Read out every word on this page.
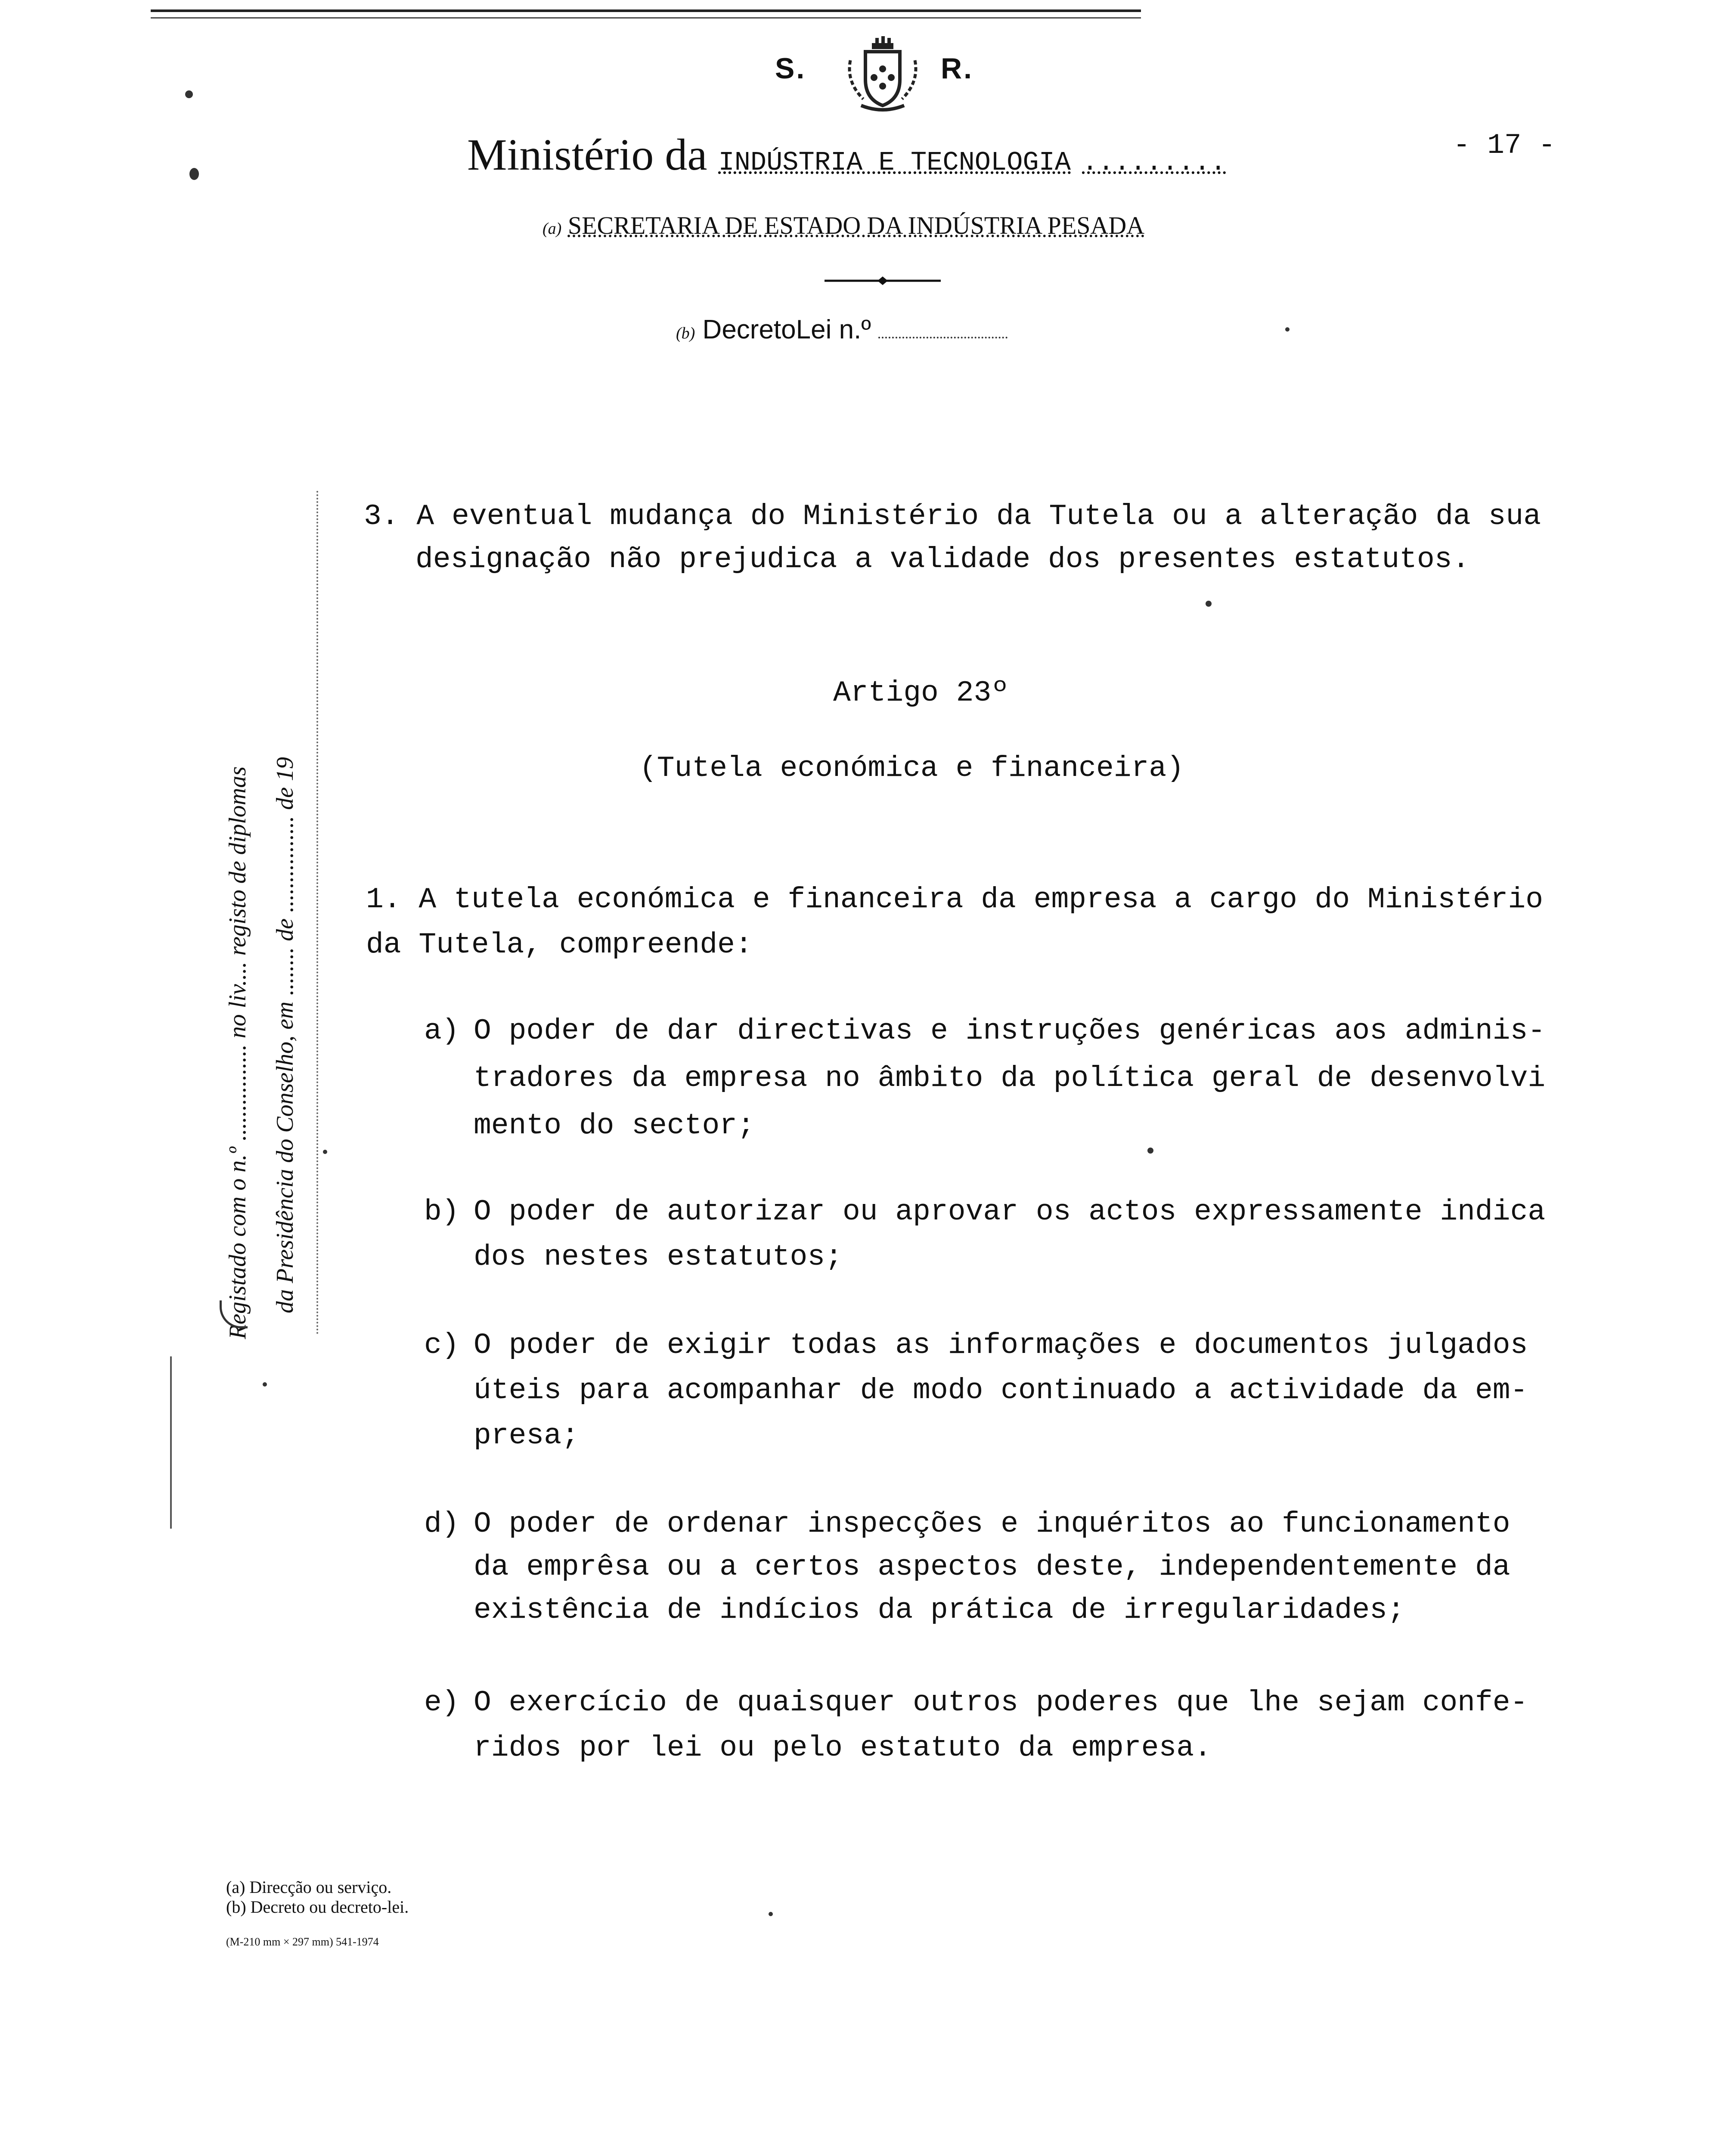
S.	R.
Ministério da INDÚSTRIA E TECNOLOGIA .........
- 17 -
(a) SECRETARIA DE ESTADO DA INDÚSTRIA PESADA
(b) DecretoLei n.º
Registado com o n.º ................ no liv.... registo de diplomas da Presidência do Conselho, em ........ de ................ de 19
3. A eventual mudança do Ministério da Tutela ou a alteração da sua
designação não prejudica a validade dos presentes estatutos.
Artigo 23º
(Tutela económica e financeira)
1. A tutela económica e financeira da empresa a cargo do Ministério
da Tutela, compreende:
a) O poder de dar directivas e instruções genéricas aos adminis-
tradores da empresa no âmbito da política geral de desenvolvi
mento do sector;
b) O poder de autorizar ou aprovar os actos expressamente indica
dos nestes estatutos;
c) O poder de exigir todas as informações e documentos julgados
úteis para acompanhar de modo continuado a actividade da em-
presa;
d) O poder de ordenar inspecções e inquéritos ao funcionamento
da emprêsa ou a certos aspectos deste, independentemente da
existência de indícios da prática de irregularidades;
e) O exercício de quaisquer outros poderes que lhe sejam confe-
ridos por lei ou pelo estatuto da empresa.
(a) Direcção ou serviço.
(b) Decreto ou decreto-lei.
(M-210 mm × 297 mm) 541-1974
